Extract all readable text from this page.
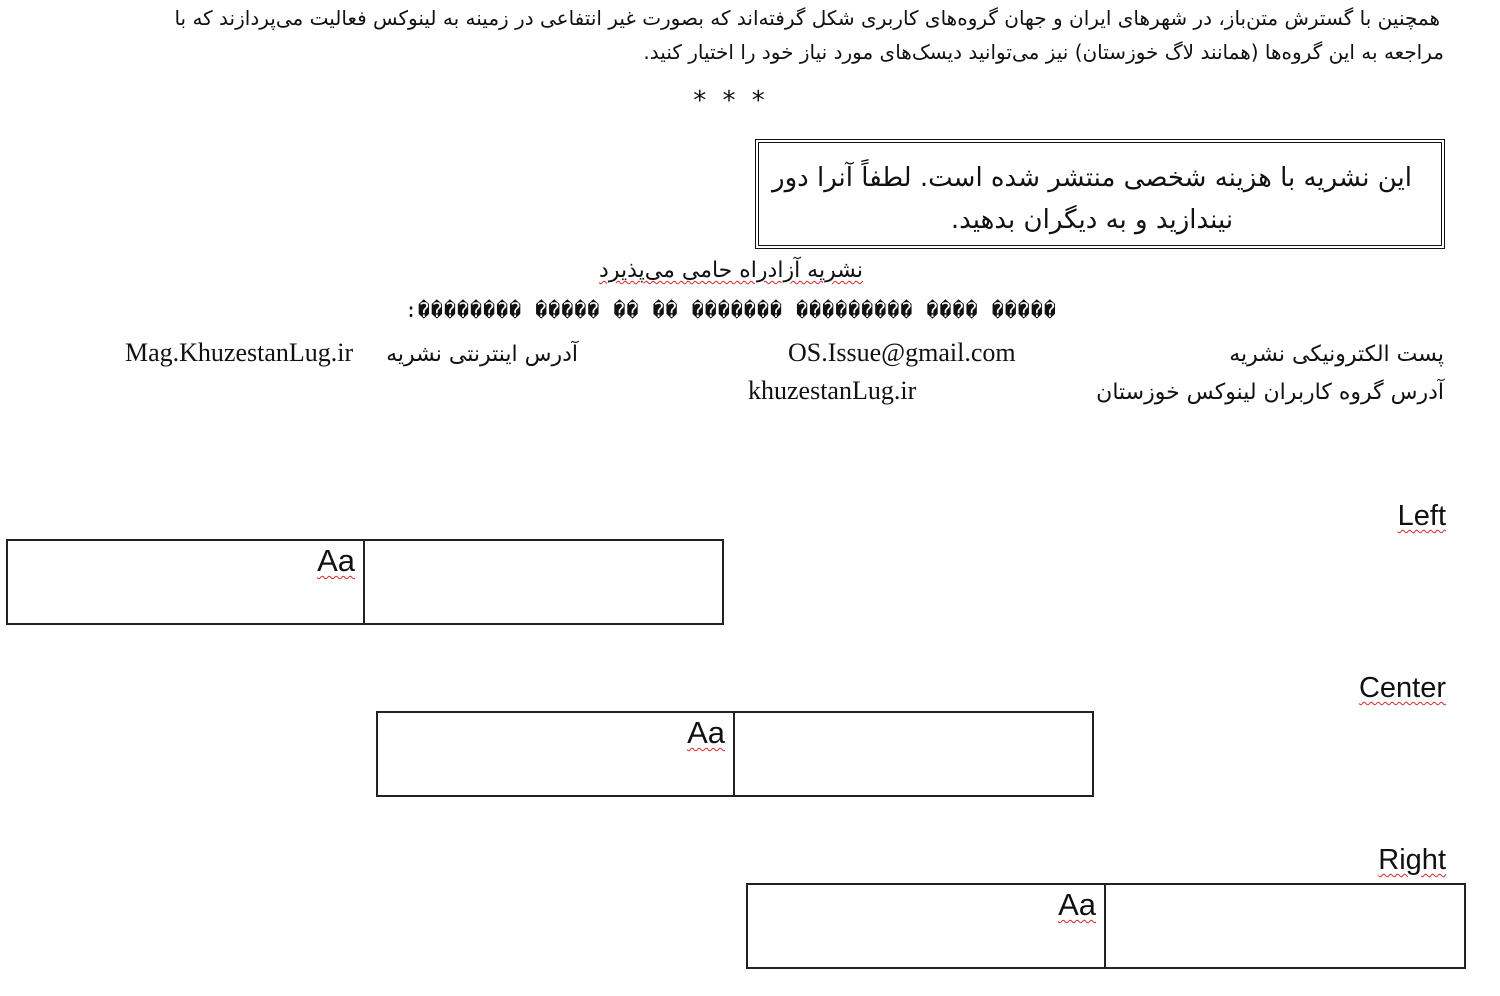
همچنین با گسترش متن‌باز، در شهرهای ایران و جهان گروه‌های کاربری شکل گرفته‌اند که بصورت غیر انتفاعی در زمینه به لینوکس فعالیت می‌پردازند که با
مراجعه به این گروه‌ها (همانند لاگ خوزستان) نیز می‌توانید دیسک‌های مورد نیاز خود را اختیار کنید.
* * *
این نشریه با هزینه شخصی منتشر شده است. لطفاً آنرا دور نیندازید و به دیگران بدهید.
نشریه آزادراه حامی می‌پذیرد
����� ���� ��������� ������� �� �� ����� ��������:
پست الکترونیکی نشریه
OS.Issue@gmail.com
آدرس اینترنتی نشریه
Mag.KhuzestanLug.ir
آدرس گروه کاربران لینوکس خوزستان
khuzestanLug.ir
Left
Aa
Center
Aa
Right
Aa
